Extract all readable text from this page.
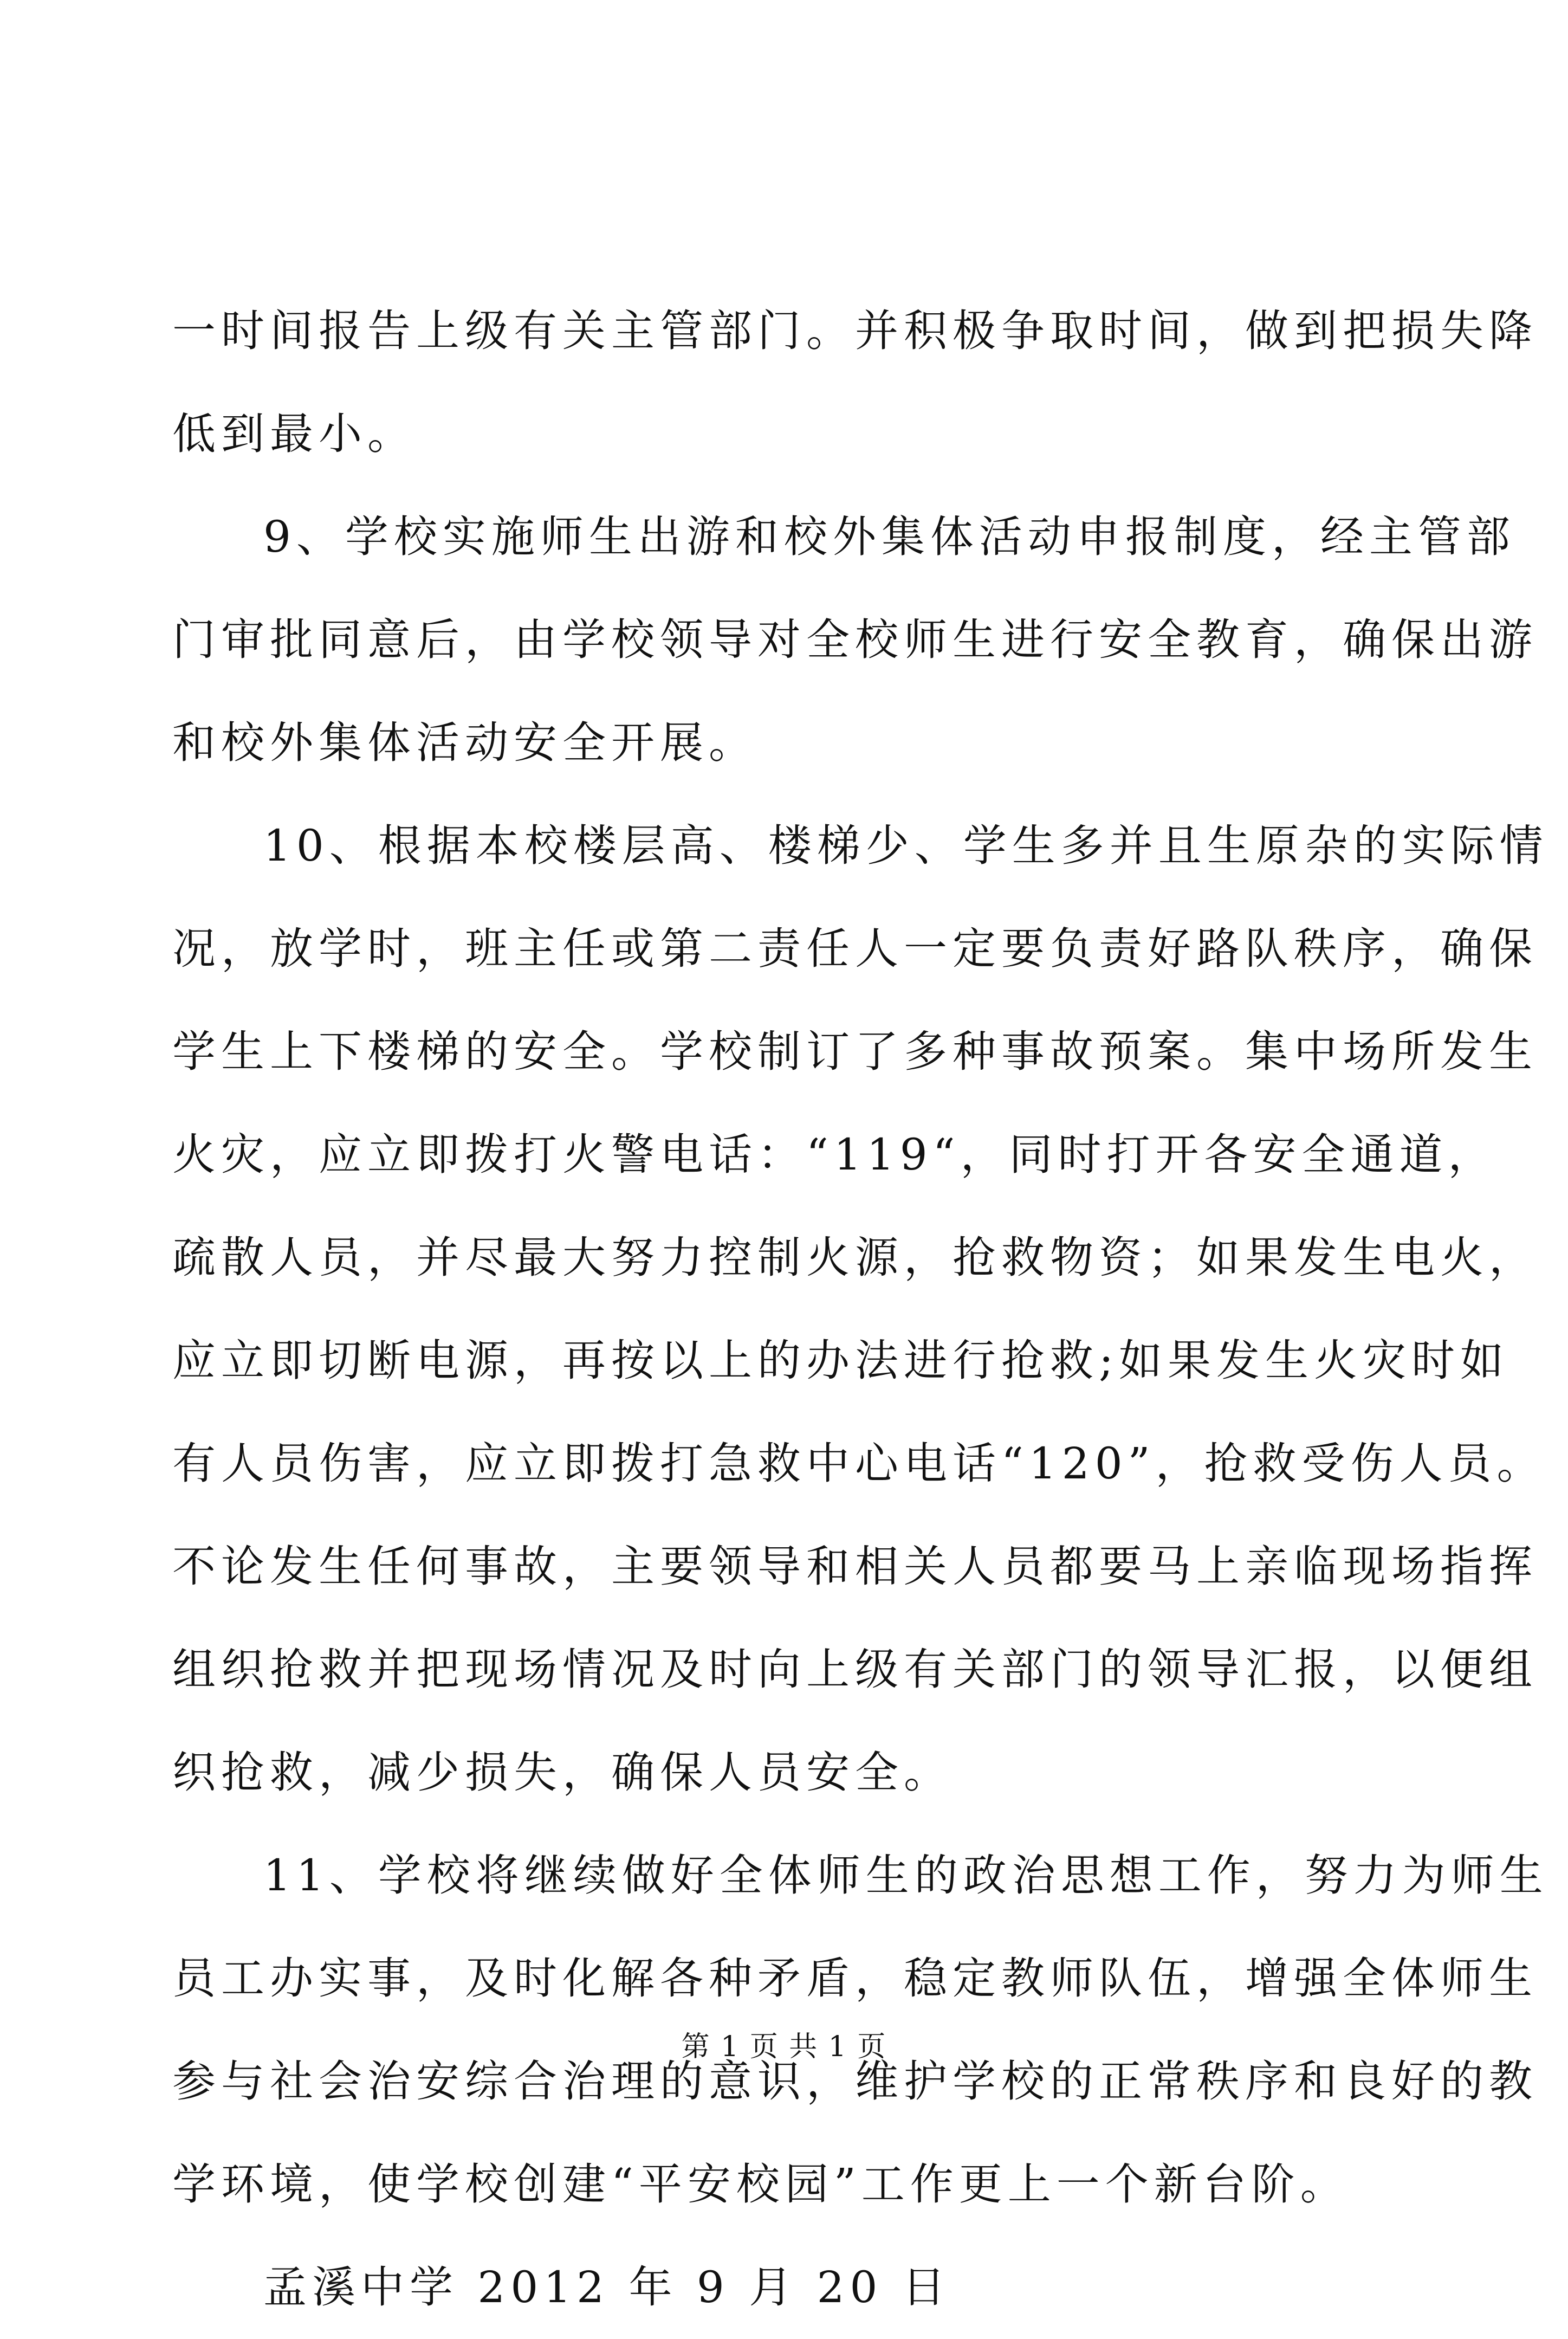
一时间报告上级有关主管部门。并积极争取时间，做到把损失降
低到最小。
9、学校实施师生出游和校外集体活动申报制度，经主管部
门审批同意后，由学校领导对全校师生进行安全教育，确保出游
和校外集体活动安全开展。
10、根据本校楼层高、楼梯少、学生多并且生原杂的实际情
况，放学时，班主任或第二责任人一定要负责好路队秩序，确保
学生上下楼梯的安全。学校制订了多种事故预案。集中场所发生
火灾，应立即拨打火警电话：“119“，同时打开各安全通道，
疏散人员，并尽最大努力控制火源，抢救物资；如果发生电火，
应立即切断电源，再按以上的办法进行抢救;如果发生火灾时如
有人员伤害，应立即拨打急救中心电话“120”，抢救受伤人员。
不论发生任何事故，主要领导和相关人员都要马上亲临现场指挥
组织抢救并把现场情况及时向上级有关部门的领导汇报，以便组
织抢救，减少损失，确保人员安全。
11、学校将继续做好全体师生的政治思想工作，努力为师生
员工办实事，及时化解各种矛盾，稳定教师队伍，增强全体师生
参与社会治安综合治理的意识，维护学校的正常秩序和良好的教
学环境，使学校创建“平安校园”工作更上一个新台阶。
孟溪中学 2012 年 9 月 20 日
第 1 页 共 1 页
